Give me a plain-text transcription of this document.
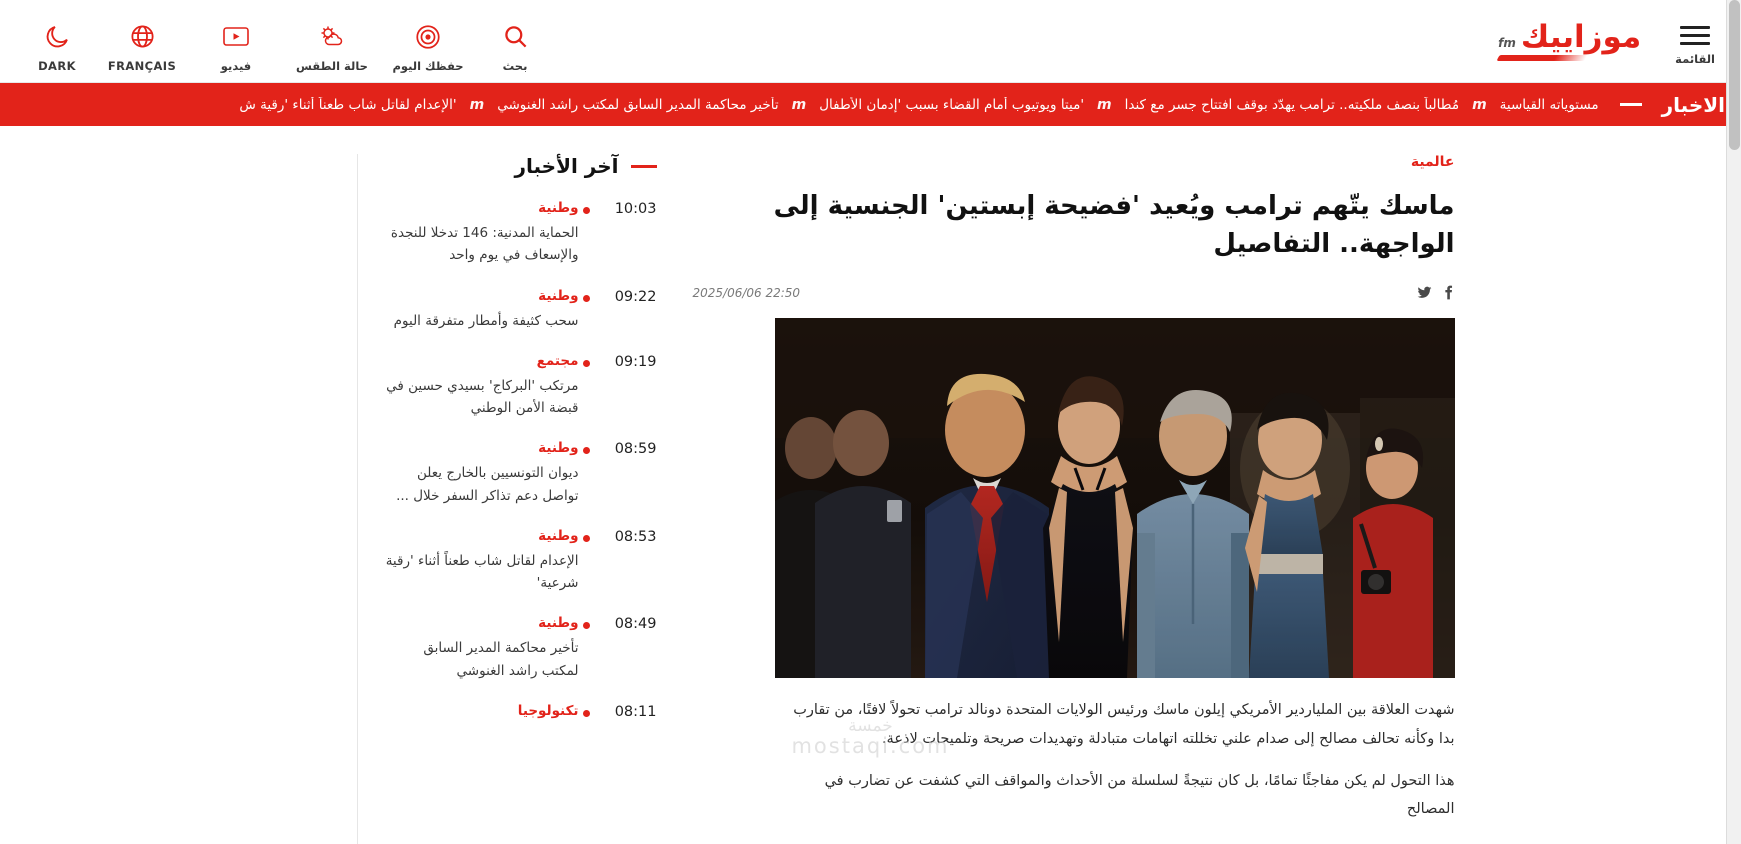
DARK	FRANÇAIS	فيديو	حالة الطقس حفظك اليوم	بحث
موزاييك
fm
القائمة
الاخبار
مستوياته القياسية
m
مُطالباً بنصف ملكيته.. ترامب يهدّد بوقف افتتاح جسر مع كندا
m
'ميتا ويوتيوب أمام القضاء بسبب 'إدمان الأطفال
m
تأخير محاكمة المدير السابق لمكتب راشد الغنوشي
m
'الإعدام لقاتل شاب طعناً أثناء 'رقية ش
عالمية
ماسك يتّهم ترامب ويُعيد 'فضيحة إبستين' الجنسية إلى الواجهة.. التفاصيل
2025/06/06 22:50

شهدت العلاقة بين الملياردير الأمريكي إيلون ماسك ورئيس الولايات المتحدة دونالد ترامب تحولاً لافتًا، من تقارب بدا وكأنه تحالف مصالح إلى صدام علني تخللته اتهامات متبادلة وتهديدات صريحة وتلميحات لاذعة.

هذا التحول لم يكن مفاجئًا تمامًا، بل كان نتيجةً لسلسلة من الأحداث والمواقف التي كشفت عن تضارب في المصالح

آخر الأخبار
10:03
وطنية
الحماية المدنية: 146 تدخلا للنجدة والإسعاف في يوم واحد
09:22
وطنية
سحب كثيفة وأمطار متفرقة اليوم
09:19
مجتمع
مرتكب 'البركاج' بسيدي حسين في قبضة الأمن الوطني
08:59
وطنية
ديوان التونسيين بالخارج يعلن تواصل دعم تذاكر السفر خلال ...
08:53
وطنية
الإعدام لقاتل شاب طعناً أثناء 'رقية شرعية'
08:49
وطنية
تأخير محاكمة المدير السابق لمكتب راشد الغنوشي
08:11
تكنولوجيا
خمسة
mostaqi.com
